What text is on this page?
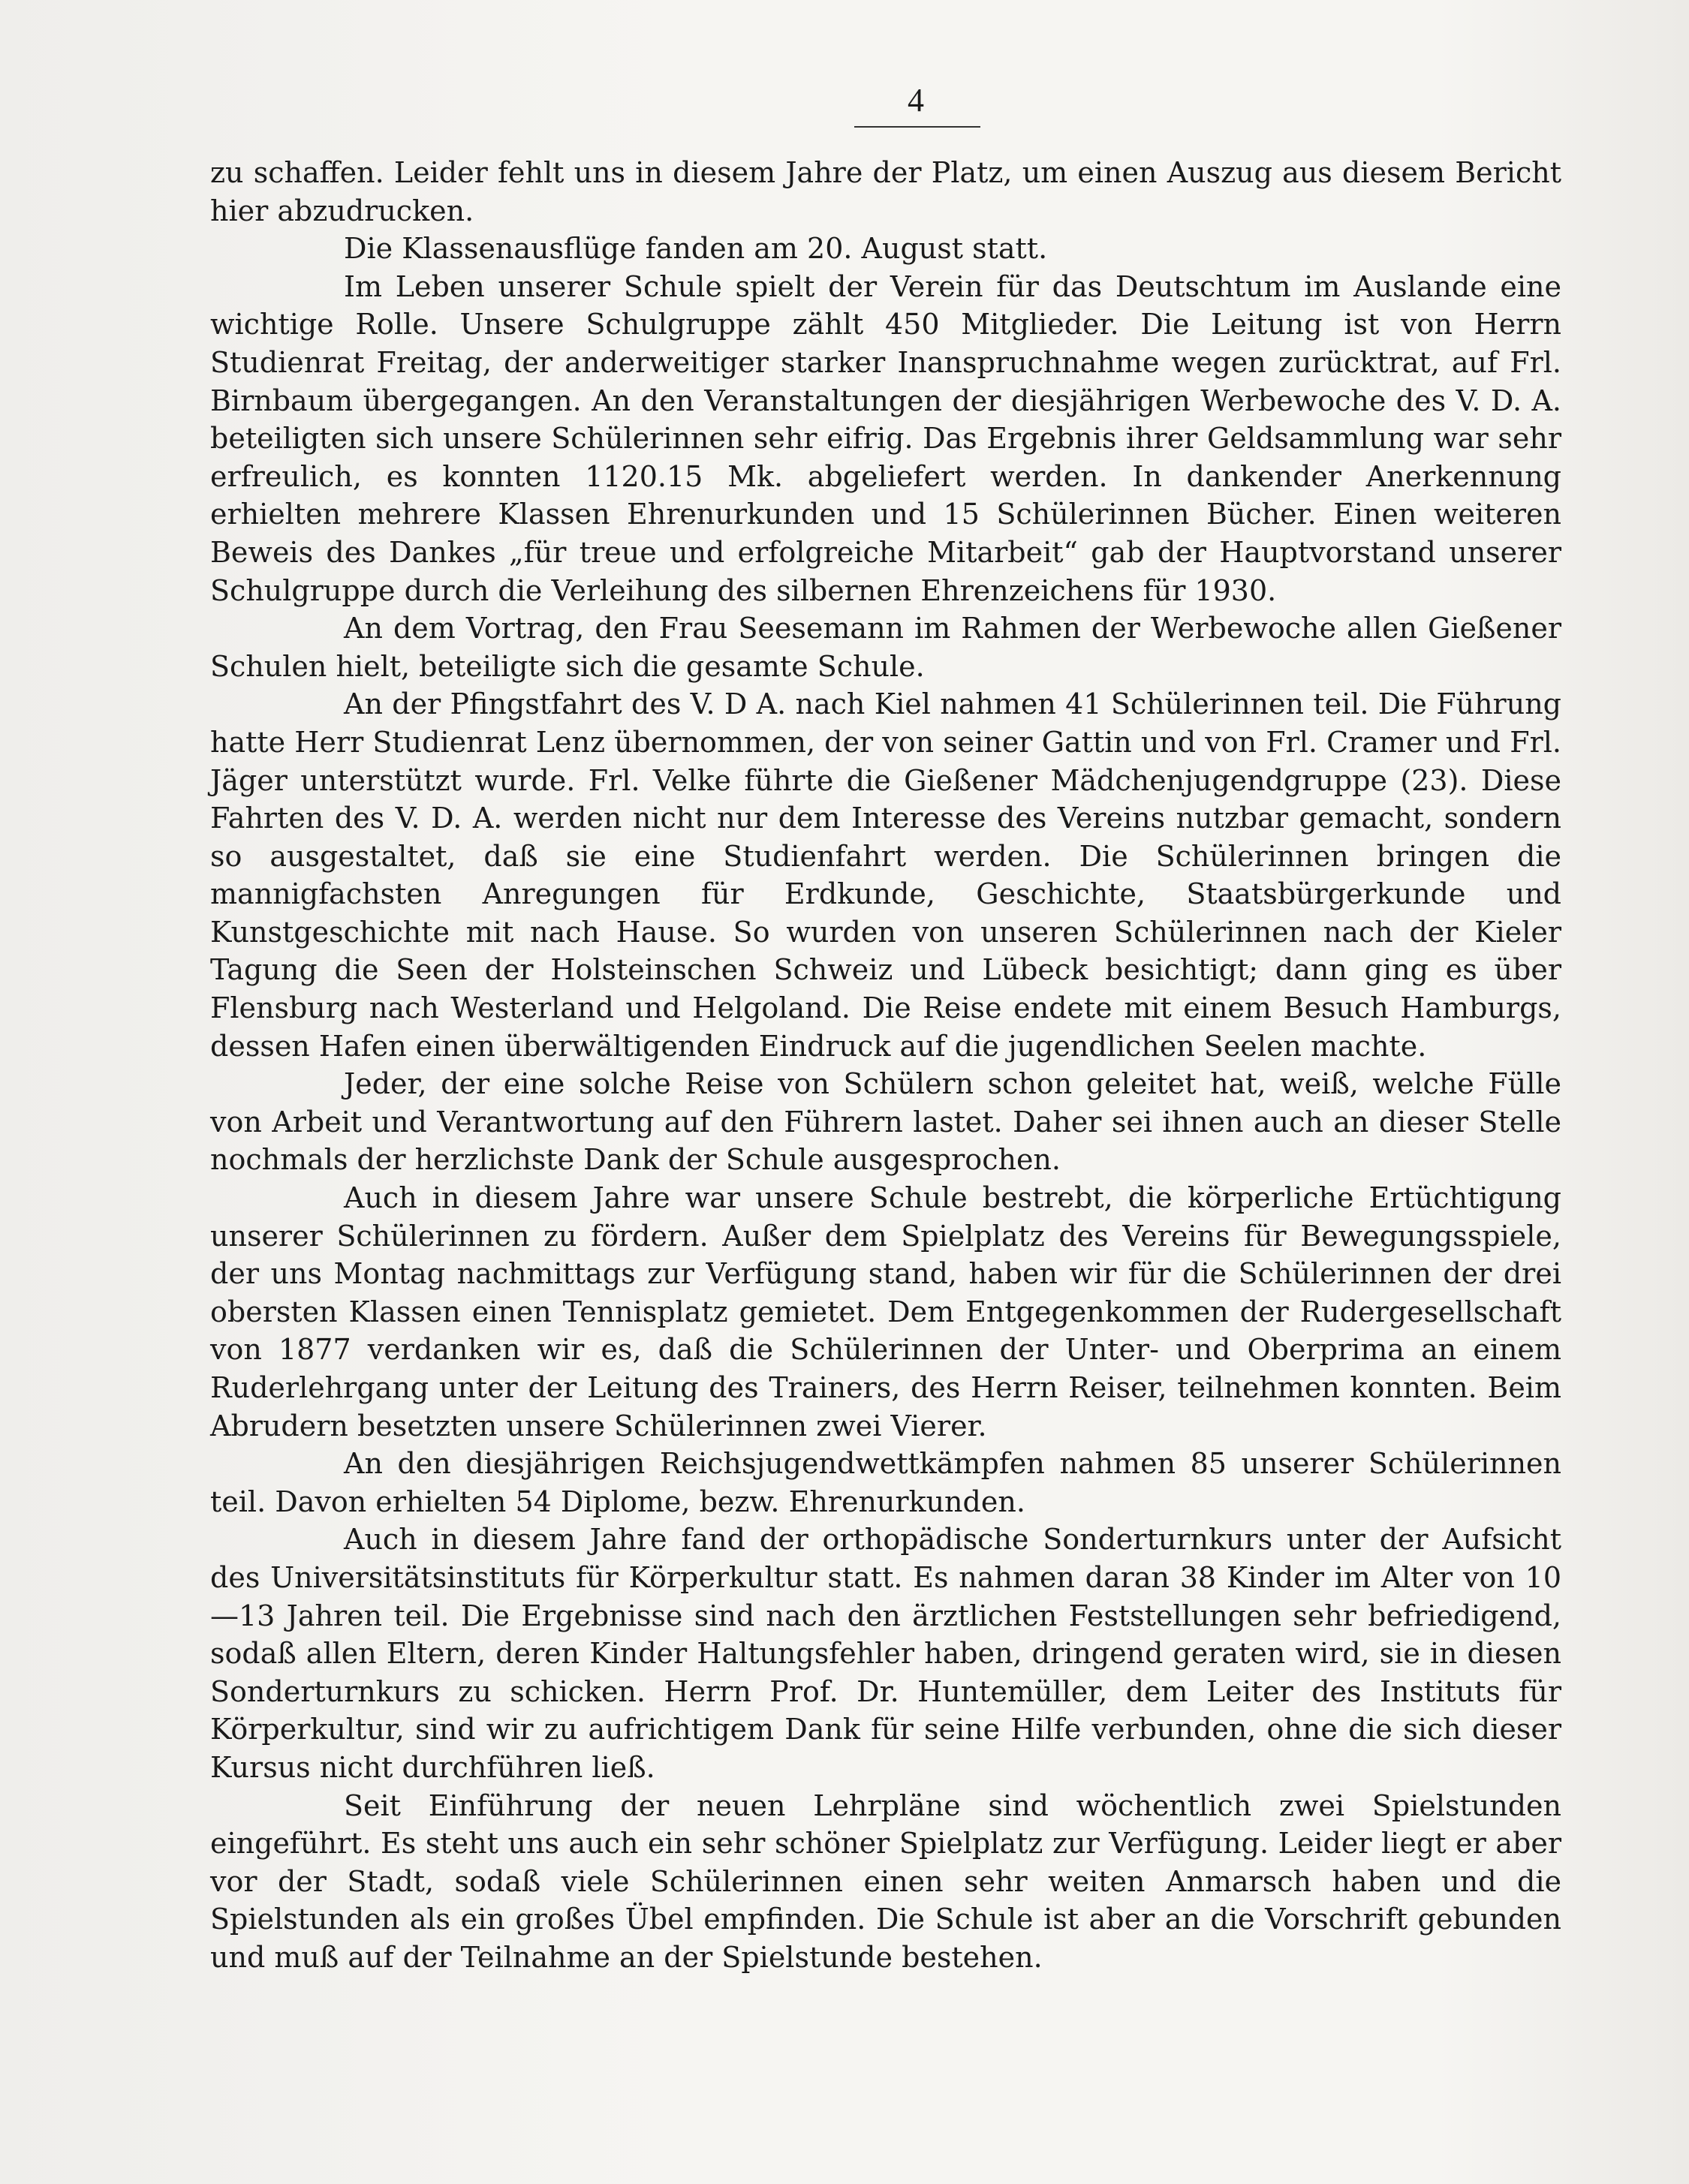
4

zu schaffen. Leider fehlt uns in diesem Jahre der Platz, um einen Auszug aus diesem Bericht hier abzudrucken.

Die Klassenausflüge fanden am 20. August statt.

Im Leben unserer Schule spielt der Verein für das Deutschtum im Auslande eine wichtige Rolle. Unsere Schulgruppe zählt 450 Mitglieder. Die Leitung ist von Herrn Studienrat Freitag, der anderweitiger starker Inanspruchnahme wegen zurücktrat, auf Frl. Birnbaum übergegangen. An den Veranstaltungen der diesjährigen Werbewoche des V. D. A. beteiligten sich unsere Schülerinnen sehr eifrig. Das Ergebnis ihrer Geldsammlung war sehr erfreulich, es konnten 1120.15 Mk. abgeliefert werden. In dankender Anerkennung erhielten mehrere Klassen Ehrenurkunden und 15 Schülerinnen Bücher. Einen weiteren Beweis des Dankes „für treue und erfolgreiche Mitarbeit“ gab der Hauptvorstand unserer Schulgruppe durch die Verleihung des silbernen Ehrenzeichens für 1930.

An dem Vortrag, den Frau Seesemann im Rahmen der Werbewoche allen Gießener Schulen hielt, beteiligte sich die gesamte Schule.

An der Pfingstfahrt des V. D A. nach Kiel nahmen 41 Schülerinnen teil. Die Führung hatte Herr Studienrat Lenz übernommen, der von seiner Gattin und von Frl. Cramer und Frl. Jäger unterstützt wurde. Frl. Velke führte die Gießener Mädchenjugendgruppe (23). Diese Fahrten des V. D. A. werden nicht nur dem Interesse des Vereins nutzbar gemacht, sondern so ausgestaltet, daß sie eine Studienfahrt werden. Die Schülerinnen bringen die mannigfachsten Anregungen für Erdkunde, Geschichte, Staatsbürgerkunde und Kunstgeschichte mit nach Hause. So wurden von unseren Schülerinnen nach der Kieler Tagung die Seen der Holsteinschen Schweiz und Lübeck besichtigt; dann ging es über Flensburg nach Westerland und Helgoland. Die Reise endete mit einem Besuch Hamburgs, dessen Hafen einen überwältigenden Eindruck auf die jugendlichen Seelen machte.

Jeder, der eine solche Reise von Schülern schon geleitet hat, weiß, welche Fülle von Arbeit und Verantwortung auf den Führern lastet. Daher sei ihnen auch an dieser Stelle nochmals der herzlichste Dank der Schule ausgesprochen.

Auch in diesem Jahre war unsere Schule bestrebt, die körperliche Ertüchtigung unserer Schülerinnen zu fördern. Außer dem Spielplatz des Vereins für Bewegungsspiele, der uns Montag nachmittags zur Verfügung stand, haben wir für die Schülerinnen der drei obersten Klassen einen Tennisplatz gemietet. Dem Entgegenkommen der Rudergesellschaft von 1877 verdanken wir es, daß die Schülerinnen der Unter- und Oberprima an einem Ruderlehrgang unter der Leitung des Trainers, des Herrn Reiser, teilnehmen konnten. Beim Abrudern besetzten unsere Schülerinnen zwei Vierer.

An den diesjährigen Reichsjugendwettkämpfen nahmen 85 unserer Schülerinnen teil. Davon erhielten 54 Diplome, bezw. Ehrenurkunden.

Auch in diesem Jahre fand der orthopädische Sonderturnkurs unter der Aufsicht des Universitätsinstituts für Körperkultur statt. Es nahmen daran 38 Kinder im Alter von 10—13 Jahren teil. Die Ergebnisse sind nach den ärztlichen Feststellungen sehr befriedigend, sodaß allen Eltern, deren Kinder Haltungsfehler haben, dringend geraten wird, sie in diesen Sonderturnkurs zu schicken. Herrn Prof. Dr. Huntemüller, dem Leiter des Instituts für Körperkultur, sind wir zu aufrichtigem Dank für seine Hilfe verbunden, ohne die sich dieser Kursus nicht durchführen ließ.

Seit Einführung der neuen Lehrpläne sind wöchentlich zwei Spielstunden eingeführt. Es steht uns auch ein sehr schöner Spielplatz zur Verfügung. Leider liegt er aber vor der Stadt, sodaß viele Schülerinnen einen sehr weiten Anmarsch haben und die Spielstunden als ein großes Übel empfinden. Die Schule ist aber an die Vorschrift gebunden und muß auf der Teilnahme an der Spielstunde bestehen.
